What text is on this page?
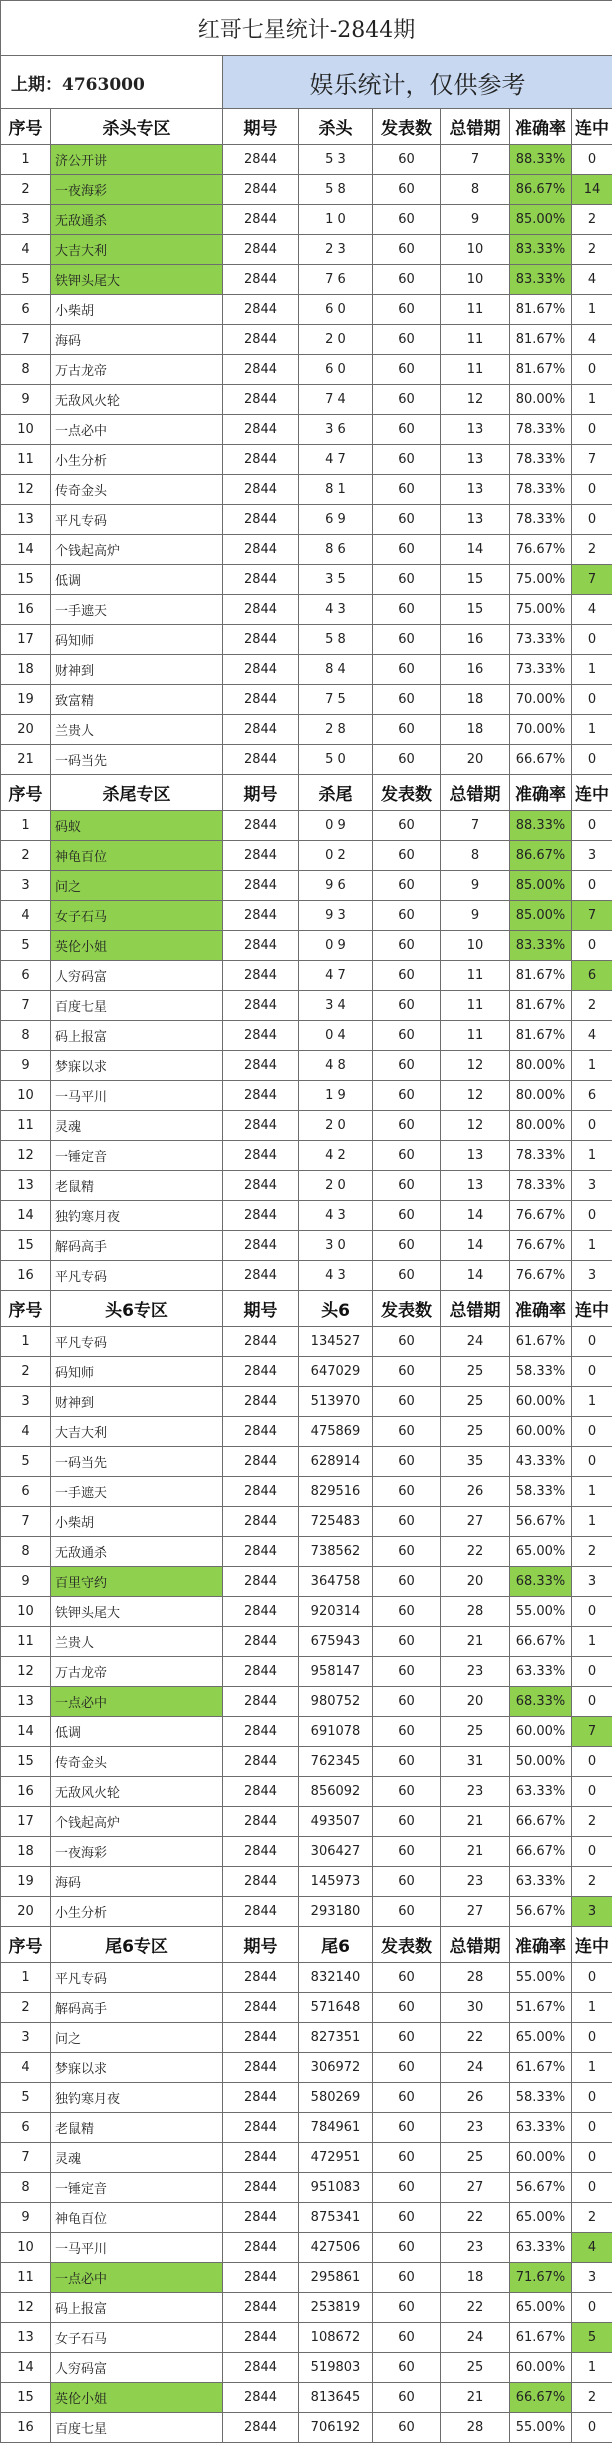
红哥七星统计-2844期							
上期：4763000		娱乐统计，仅供参考					
序号	杀头专区	期号	杀头	发表数	总错期	准确率	连中
1	济公开讲	2844	5 3	60	7	88.33%	0
2	一夜海彩	2844	5 8	60	8	86.67%	14
3	无敌通杀	2844	1 0	60	9	85.00%	2
4	大吉大利	2844	2 3	60	10	83.33%	2
5	铁钾头尾大	2844	7 6	60	10	83.33%	4
6	小柴胡	2844	6 0	60	11	81.67%	1
7	海码	2844	2 0	60	11	81.67%	4
8	万古龙帝	2844	6 0	60	11	81.67%	0
9	无敌风火轮	2844	7 4	60	12	80.00%	1
10	一点必中	2844	3 6	60	13	78.33%	0
11	小生分析	2844	4 7	60	13	78.33%	7
12	传奇金头	2844	8 1	60	13	78.33%	0
13	平凡专码	2844	6 9	60	13	78.33%	0
14	个钱起高炉	2844	8 6	60	14	76.67%	2
15	低调	2844	3 5	60	15	75.00%	7
16	一手遮天	2844	4 3	60	15	75.00%	4
17	码知师	2844	5 8	60	16	73.33%	0
18	财神到	2844	8 4	60	16	73.33%	1
19	致富精	2844	7 5	60	18	70.00%	0
20	兰贵人	2844	2 8	60	18	70.00%	1
21	一码当先	2844	5 0	60	20	66.67%	0
序号	杀尾专区	期号	杀尾	发表数	总错期	准确率	连中
1	码蚁	2844	0 9	60	7	88.33%	0
2	神龟百位	2844	0 2	60	8	86.67%	3
3	问之	2844	9 6	60	9	85.00%	0
4	女子石马	2844	9 3	60	9	85.00%	7
5	英伦小姐	2844	0 9	60	10	83.33%	0
6	人穷码富	2844	4 7	60	11	81.67%	6
7	百度七星	2844	3 4	60	11	81.67%	2
8	码上报富	2844	0 4	60	11	81.67%	4
9	梦寐以求	2844	4 8	60	12	80.00%	1
10	一马平川	2844	1 9	60	12	80.00%	6
11	灵魂	2844	2 0	60	12	80.00%	0
12	一锤定音	2844	4 2	60	13	78.33%	1
13	老鼠精	2844	2 0	60	13	78.33%	3
14	独钓寒月夜	2844	4 3	60	14	76.67%	0
15	解码高手	2844	3 0	60	14	76.67%	1
16	平凡专码	2844	4 3	60	14	76.67%	3
序号	头6专区	期号	头6	发表数	总错期	准确率	连中
1	平凡专码	2844	134527	60	24	61.67%	0
2	码知师	2844	647029	60	25	58.33%	0
3	财神到	2844	513970	60	25	60.00%	1
4	大吉大利	2844	475869	60	25	60.00%	0
5	一码当先	2844	628914	60	35	43.33%	0
6	一手遮天	2844	829516	60	26	58.33%	1
7	小柴胡	2844	725483	60	27	56.67%	1
8	无敌通杀	2844	738562	60	22	65.00%	2
9	百里守约	2844	364758	60	20	68.33%	3
10	铁钾头尾大	2844	920314	60	28	55.00%	0
11	兰贵人	2844	675943	60	21	66.67%	1
12	万古龙帝	2844	958147	60	23	63.33%	0
13	一点必中	2844	980752	60	20	68.33%	0
14	低调	2844	691078	60	25	60.00%	7
15	传奇金头	2844	762345	60	31	50.00%	0
16	无敌风火轮	2844	856092	60	23	63.33%	0
17	个钱起高炉	2844	493507	60	21	66.67%	2
18	一夜海彩	2844	306427	60	21	66.67%	0
19	海码	2844	145973	60	23	63.33%	2
20	小生分析	2844	293180	60	27	56.67%	3
序号	尾6专区	期号	尾6	发表数	总错期	准确率	连中
1	平凡专码	2844	832140	60	28	55.00%	0
2	解码高手	2844	571648	60	30	51.67%	1
3	问之	2844	827351	60	22	65.00%	0
4	梦寐以求	2844	306972	60	24	61.67%	1
5	独钓寒月夜	2844	580269	60	26	58.33%	0
6	老鼠精	2844	784961	60	23	63.33%	0
7	灵魂	2844	472951	60	25	60.00%	0
8	一锤定音	2844	951083	60	27	56.67%	0
9	神龟百位	2844	875341	60	22	65.00%	2
10	一马平川	2844	427506	60	23	63.33%	4
11	一点必中	2844	295861	60	18	71.67%	3
12	码上报富	2844	253819	60	22	65.00%	0
13	女子石马	2844	108672	60	24	61.67%	5
14	人穷码富	2844	519803	60	25	60.00%	1
15	英伦小姐	2844	813645	60	21	66.67%	2
16	百度七星	2844	706192	60	28	55.00%	0
